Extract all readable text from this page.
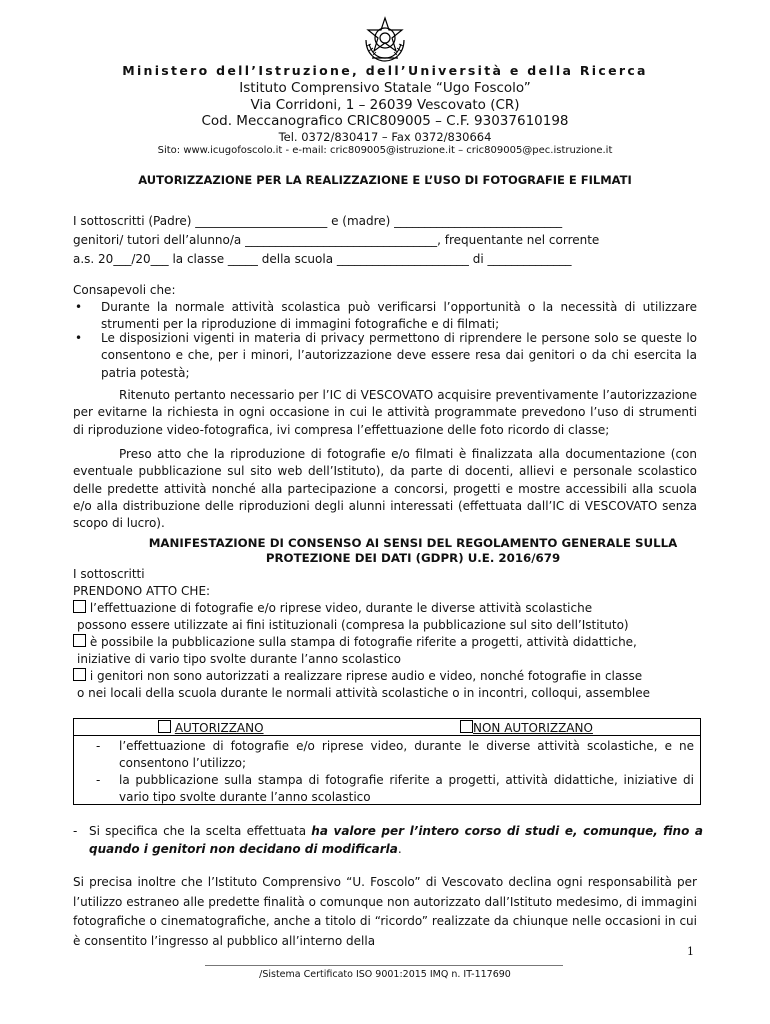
Ministero dell’Istruzione, dell’Università e della Ricerca
Istituto Comprensivo Statale “Ugo Foscolo”
Via Corridoni, 1 – 26039 Vescovato (CR)
Cod. Meccanografico CRIC809005 – C.F. 93037610198
Tel. 0372/830417 – Fax 0372/830664
Sito: www.icugofoscolo.it - e-mail: cric809005@istruzione.it – cric809005@pec.istruzione.it
AUTORIZZAZIONE PER LA REALIZZAZIONE E L’USO DI FOTOGRAFIE E FILMATI
I sottoscritti (Padre) ______________________ e (madre) ____________________________
genitori/ tutori dell’alunno/a ________________________________, frequentante nel corrente
a.s. 20___/20___ la classe _____ della scuola ______________________ di ______________
Consapevoli che:
• Durante la normale attività scolastica può verificarsi l’opportunità o la necessità di utilizzare strumenti per la riproduzione di immagini fotografiche e di filmati;
• Le disposizioni vigenti in materia di privacy permettono di riprendere le persone solo se queste lo consentono e che, per i minori, l’autorizzazione deve essere resa dai genitori o da chi esercita la patria potestà;
Ritenuto pertanto necessario per l’IC di VESCOVATO acquisire preventivamente l’autorizzazione per evitarne la richiesta in ogni occasione in cui le attività programmate prevedono l’uso di strumenti di riproduzione video-fotografica, ivi compresa l’effettuazione delle foto ricordo di classe;
Preso atto che la riproduzione di fotografie e/o filmati è finalizzata alla documentazione (con eventuale pubblicazione sul sito web dell’Istituto), da parte di docenti, allievi e personale scolastico delle predette attività nonché alla partecipazione a concorsi, progetti e mostre accessibili alla scuola e/o alla distribuzione delle riproduzioni degli alunni interessati (effettuata dall’IC di VESCOVATO senza scopo di lucro).
MANIFESTAZIONE DI CONSENSO AI SENSI DEL REGOLAMENTO GENERALE SULLA
PROTEZIONE DEI DATI (GDPR) U.E. 2016/679
I sottoscritti
PRENDONO ATTO CHE:
l’effettuazione di fotografie e/o riprese video, durante le diverse attività scolastiche
possono essere utilizzate ai fini istituzionali (compresa la pubblicazione sul sito dell’Istituto)
è possibile la pubblicazione sulla stampa di fotografie riferite a progetti, attività didattiche,
iniziative di vario tipo svolte durante l’anno scolastico
i genitori non sono autorizzati a realizzare riprese audio e video, nonché fotografie in classe
o nei locali della scuola durante le normali attività scolastiche o in incontri, colloqui, assemblee
AUTORIZZANO	NON AUTORIZZANO
- l’effettuazione di fotografie e/o riprese video, durante le diverse attività scolastiche, e ne consentono l’utilizzo;
- la pubblicazione sulla stampa di fotografie riferite a progetti, attività didattiche, iniziative di vario tipo svolte durante l’anno scolastico
- Si specifica che la scelta effettuata ha valore per l’intero corso di studi e, comunque, fino a quando i genitori non decidano di modificarla.
Si precisa inoltre che l’Istituto Comprensivo “U. Foscolo” di Vescovato declina ogni responsabilità per l’utilizzo estraneo alle predette finalità o comunque non autorizzato dall’Istituto medesimo, di immagini fotografiche o cinematografiche, anche a titolo di “ricordo” realizzate da chiunque nelle occasioni in cui è consentito l’ingresso al pubblico all’interno della
1
/Sistema Certificato ISO 9001:2015 IMQ n. IT-117690
